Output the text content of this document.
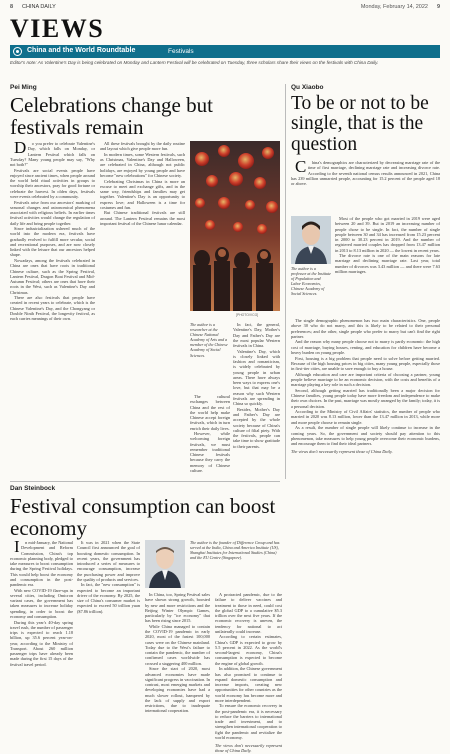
8 CHINA DAILY	Monday, February 14, 2022 9
VIEWS
China and the World Roundtable	Festivals
Editor's note: As Valentine's Day is being celebrated on Monday and Lantern Festival will be celebrated on Tuesday, three scholars share their views on the festivals with China Daily.
Pei Ming
Celebrations change but festivals remain

Do you prefer to celebrate Valentine's Day, which falls on Monday, or Lantern Festival which falls on Tuesday? Many young people may say, "Why not both?"

Festivals are social events people have enjoyed since ancient times, when people around the world held ritual activities in groups to worship their ancestors, pray for good fortune or celebrate the harvest. In olden days, festivals were events celebrated by a community.

Festivals arise from our ancestors' marking of seasonal changes and astronomical phenomena associated with religious beliefs. In earlier times festival activities would change the regulation of daily life and bring people together.

Since industrialization ushered much of the world into the modern era, festivals have gradually evolved to fulfill more secular, social and recreational purposes, and are now closely linked with the leisure that our ancestors helped shape.

Nowadays, among the festivals celebrated in China are ones that have roots in traditional Chinese culture, such as the Spring Festival, Lantern Festival, Dragon Boat Festival and Mid-Autumn Festival; others are ones that have their roots in the West, such as Valentine's Day and Christmas.

There are also festivals that people have created in recent years to celebrate, which is the Chinese Valentine's Day, and the Chongyang or Double Ninth Festival, the longevity festival, as each carries meanings of their own.

All these festivals brought by the daily routine and layout which give people more fun.

In modern times, some Western festivals, such as Christmas, Valentine's Day and Halloween, are celebrated in China, although not public holidays, are enjoyed by young people and have become "new celebrations" for Chinese society.

Celebrating Christmas in China is more an excuse to meet and exchange gifts, and in the same way, friendships and families may get together. Valentine's Day is an opportunity to express love; and Halloween is a time for costumes and fun.

But Chinese traditional festivals are still around. The Lantern Festival remains the most important festival of the Chinese lunar calendar.

[PHOTO/VCG]
The author is a researcher at the Chinese National Academy of Arts and a member of the Chinese Academy of Social Sciences.

In fact, the general, Valentine's Day, Mother's Day and Father's Day are the most popular Western festivals in China.

Valentine's Day, which is closely linked with fashion and romanticism, is widely celebrated by young people in urban areas. There have always been ways to express one's love, but that may be a reason why such Western festivals are spreading in China so quickly.

Besides, Mother's Day and Father's Day are accepted by the whole society because of China's culture of filial piety. With the festivals, people can take time to show gratitude to their parents.

The cultural exchanges between China and the rest of the world help make Chinese accept foreign festivals, which in turn enrich their daily lives.

However, while welcoming foreign festivals, we must remember traditional Chinese festivals because they carry the memory of Chinese culture.

Qu Xiaobo
To be or not to be single, that is the question

China's demographics are characterized by decreasing marriage rate of the time of first marriage, declining marriage rate and increasing divorce rate. According to the seventh national census results announced in 2021, China has 239 million unmarried people, accounting for 15.2 percent of the people aged 18 or above.

The author is a professor at the Institute of Population and Labor Economics, Chinese Academy of Social Sciences.

Most of the people who got married in 2019 were aged between 20 and 39. But in 2019 an increasing number of people chose to be single. In fact, the number of single people between 30 and 34 has increased from 15.23 percent in 2000 to 30.23 percent in 2019. And the number of registered married couples has dropped from 13.47 million in 2013 to 8.13 million in 2020 — the lowest in recent years.

The divorce rate is one of the main reasons for late marriage and declining marriage rate. Last year, total number of divorces was 3.43 million — and there were 7.63 million marriages.

The single demographic phenomenon has two main characteristics. One, people above 30 who do not marry, and this is likely to be related to their personal preferences; and the other, single people who prefer to marry but can't find the right partner.

And the reason why many people choose not to marry is partly economic: the high cost of marriage, buying houses, renting, and education for children have become a heavy burden on young people.

First, housing is a big problem that people need to solve before getting married. Because of the high housing prices in big cities, many young people, especially those in first-tier cities, are unable to save enough to buy a house.

Although education and care are important criteria of choosing a partner, young people believe marriage to be an economic decision, with the costs and benefits of a marriage playing a key role in such a decision.

Second, although getting married has traditionally been a major decision for Chinese families, young people today have more freedom and independence to make their own choices. In the past, marriage was mostly arranged by the family; today, it is a personal decision.

According to the Ministry of Civil Affairs' statistics, the number of people who married in 2020 was 8.13 million, lower than the 13.47 million in 2013, while more and more people choose to remain single.

As a result, the number of single people will likely continue to increase in the coming years. So, the government and society should pay attention to this phenomenon, take measures to help young people overcome their economic burdens, and encourage them to find their ideal partners.

The views don't necessarily represent those of China Daily.

Dan Steinbock
Festival consumption can boost economy

In mid-January, the National Development and Reform Commission, China's top economic planning body, pledged to take measures to boost consumption during the Spring Festival holidays. This would help boost the economy and consumption in the post-pandemic era.

With new COVID-19 flare-ups in several cities, including Omicron variant cases, the government has taken measures to increase holiday spending, in order to boost the economy and consumption.

During this year's 40-day spring travel rush, the number of passenger trips is expected to reach 1.18 billion, up 35.6 percent year-on-year, according to the Ministry of Transport. About 260 million passenger trips have already been made during the first 15 days of the festival travel period.

It was in 2021 when the State Council first announced the goal of boosting domestic consumption. In recent years, the government has introduced a series of measures to encourage consumption, increase the purchasing power and improve the quality of products and services.

In fact, the "new consumption" is expected to become an important driver of the economy. By 2025, the size of China's consumer market is expected to exceed 50 trillion yuan ($7.86 trillion).

The author is the founder of Difference Group and has served at the India, China and America Institute (US), Shanghai Institutes for International Studies (China) and the EU Centre (Singapore).

In China, too, Spring Festival sales have shown strong growth, boosted by new and more restrictions and the Beijing Winter Olympic Games, particularly by "ice economy" that has been rising since 2015.

While China managed to contain the COVID-19 pandemic in early 2020, most of the fastest 100,000 cases were on the Chinese mainland. Today due to the West's failure to contain the pandemic, the number of confirmed cases worldwide has crossed a staggering 400 million.

Since the start of 2020, most advanced economies have made significant progress in vaccination. In contrast, most emerging markets and developing economies have had a much slower rollout, hampered by the lack of supply and export restrictions, due to inadequate international cooperation.

A protracted pandemic, due to the failure to deliver vaccines and treatment to those in need, could cost the global GDP to a cumulative $5.3 trillion over the next five years. If the economic recovery is uneven, the tendency for national to act unilaterally could increase.

According to certain estimates, China's GDP is expected to grow by 5.5 percent in 2022. As the world's second-largest economy, China's consumption is expected to become the engine of global growth.

In addition, the Chinese government has also promised to continue to expand domestic consumption and increase imports, creating new opportunities for other countries as the world economy has become more and more interdependent.

To ensure the economic recovery in the post-pandemic era, it is necessary to reduce the barriers to international trade and investment, and to strengthen international cooperation to fight the pandemic and revitalize the world economy.

The views don't necessarily represent those of China Daily.
